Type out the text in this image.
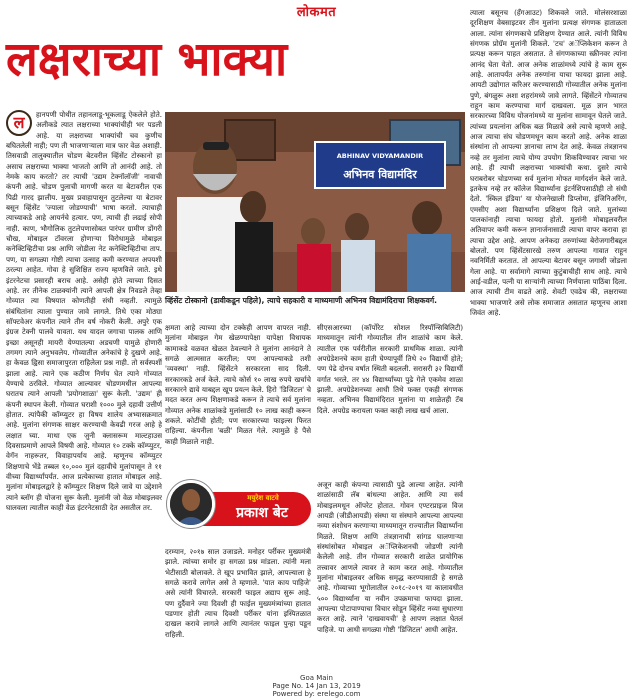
लोकमत
लक्षराच्या भाक्या
ल	हानपणी पोथीत तहानलाडू-भूकलाडू ऐकलेले होते. अलीकडे त्यात लक्षराच्या भाक्यांचीही भर पडली आहे. या लक्षराच्या भाक्यांची चव कुणीच बघितलेली नाही; पण ती भाजणाऱ्याला मात्र फार वेळ अशाही. तिसवाडी तालुक्यातील चोडण बेटवरील व्हिंसेंट टोस्कानो हा असाच लक्षराच्या भाक्या भाजतो आणि तो आनंदी आहे. तो नेमके काय करतो? तर त्याची 'उद्यम टेक्नॉलॉजी' नावाची कंपनी आहे. चोडण पुलाची मागणी करत या बेटावरील एक पिढी गारद झालीय. मुख्य प्रवाहापासून तुटलेल्या या बेटावर बसून व्हिंसेंट 'ज्याला जोडण्याची' भाषा करतो. त्याचाही त्याच्याकडे आहे आयर्नचे हत्यार. पण, त्याची ही लढाई सोपी नाही. काण, भौगोलिक तुटलेपणासोबत पारंपर ग्रामीण डोंगरी चौख, मोबाइल टॉवरला होणाऱ्या विरोधामुळे मोबाइल कनेक्टिव्हिटीचा प्रश्न आणि जोडीला नेट कनेक्टिव्हिटीचा ताप. पण, या सगळ्या गोष्टी त्याचा उत्साह कमी करण्यात अपयशी ठरल्या आहेत. गोवा हे सुशिक्षित राज्य म्हणविले जाते. इथे इंटरनेटचा प्रसारही बराच आहे. असेही होते त्याच्या दिसत आहे. तर तीनेक टाळक्यांनी त्याने आपली क्षेत्र निवडले तेव्हा गोव्यात त्या विषयात कोणतीही संधी नव्हती. त्यामुळे संबंधितांना त्याला पुण्यात जावे लागले. तिथे एका मोठ्या सॉफ्टवेअर कंपनीत त्याने तीन वर्ष नोकरी केली. अपुरे एक इंग्रज टेक्नी पालवे यावता. यथ यादल जगाचा पालक आणि इच्छा असूनही मायरी येण्यातल्या अडचणी यामुळे होणारी तगमग त्याने अनुभवलेय. गोव्यातील अनेकांचे हे दुखणे आहे. हा केवळ ह्विसा समाजापुरता राहिलेला प्रश्न नाही. तो सर्वस्पर्शी झाला आहे. त्याने एक कठीण निर्णय घेत त्याने गोव्यात येण्याचे ठरविले. गोव्यात आल्यावर चोडणमधील आपल्या घरातच त्याने आपली 'प्रयोगशाळा' सुरू केली. 'उद्यम' ही कंपनी स्थापन केली. गोव्यात घराशी १००० मुले दहावी उत्तीर्ण होतात. त्यांपैकी कॉम्प्युटर हा विषय शालेय अभ्यासक्रमात आहे. मुलांना संगणक साक्षर करण्याची केवढी गरज आहे हे लक्षात घ्या. माथा एक जुनी क्लासरूम माल्टहाउस दिवसाप्रमाणे आपले विषयी आहे. गोव्यात १० टक्के कॉम्प्युटर, वेगॅन नाहरूतर, विवाहापर्याय आहे. म्हणूनच कॉम्प्युटर शिक्षणाचे भेंडे तब्बल १०,००० मुलं दहावीचे मुलांपासून ते ११ वीच्या विद्यार्थ्यांपर्यंत. आज प्रत्येकाच्या हातात मोबाइल आहे. मुलांना मोबाइलद्वारे हे कॉम्प्युटर शिक्षण दिले जावे या उद्देशाने त्याने ब्लॉग ही योजना सुरू केली. मुलांनी जो वेळ मोबाइलवर घालवला त्यातील काही वेळ इंटरनेटसाठी देत असतील तर.

ABHINAV VIDYAMANDIR
अभिनव विद्यामंदिर
व्हिंसेंट टोस्कानो (डावीकडून पहिले), त्याचे सहकारी व माध्यमाणी अभिनव विद्यामंदिराचा शिक्षकवर्ग.

क्षमता आहे त्याच्या दोन टक्केही आपण वापरत नाही. मुलांना मोबाइल गेम खेळण्यापेक्षा यापेक्षा विधायक कामाकडे वळवत खेळत ठेवल्याने ते मुलांना आनंदाने ते सगळे आत्मसात करतील; पण आपल्याकडे तशी 'व्यवस्था' नाही. व्हिंसेंटने सरकारला साद दिली. सरकारकडे अर्ज केले. त्याचे कोर्स १० लाख रुपये खर्चाचे सरकारने द्यावे याबद्दल खूप प्रयत्न केले. हिरो 'डिजिटल' चे मदत करत अन्य शिक्षणाकडे करून ते त्याचे सर्व मुलांना गोव्यात अनेक शाळांकडे मुलांसाठी १० लाख काही करून शकले. कोटींची होती; पण सरकारच्या फाइल्स फिरत राहिल्या. कंपनीला 'बळी' मिळत गेले. त्यामुळे हे पैसे काही मिळाले नाही.

सीएसआरच्या (कॉर्पोरेट सोशल रिस्पॉन्सिबिलिटी) माध्यमातून त्यांनी गोव्यातील तीन शाळांचे काम केले. त्यातील एक पर्वरीतील सरकारी प्राथमिक शाळा. त्यांनी अपग्रेडेशनचे काम हाती घेण्यापूर्वी तिथे २० विद्यार्थी होते; पण पेढे दोनच वर्षात स्थिती बदलली. सरासरी ३२ विद्यार्थी वर्गात भरले. तर ४४ विद्यार्थ्यांच्या पुढे गेले एकमेव शाळा झाली. अपग्रेडेशनच्या आधी तिथे फक्त एकही संगणक नव्हता. अभिनव विद्यामंदिरात मुलांना या शाळेतही टॅब दिले. अपग्रेड करायला फक्त काही लाख खर्च आला.

मयुरेश वाटवे
प्रकाश बेट

दरम्यान, २०१७ साल उजाडले. मनोहर पर्रीकर मुख्यमंत्री झाले. त्यांच्या समोर हा सगळा प्रश्न मांडला. त्यांनी मला भेटीसाठी बोलावले. ते खूप प्रभावित झाले, आपल्याला हे सगळे करावे लागेल असे ते म्हणाले. 'यात काय पाहिजे' असे त्यांनी विचारले. सरकारी फाइल अद्याप सुरू आहे. पण दुर्दैवाने ज्या दिवशी ही फाईल मुख्यमंत्र्यांच्या हातात पडणार होती त्याच दिवशी पर्रीकर यांना इस्पितळात दाखल करावे लागले आणि त्यानंतर फाइल पुन्हा पडून राहिली.

अजून काही कंपन्या त्यासाठी पुढे आल्या आहेत. त्यांनी शाळांसाठी लॅब बांधल्या आहेत. आणि त्या सर्व मोबाइलमधून ऑपरेट होतात. गोवन एण्टरप्राइज विज आयडी (जीडीआयडी) संस्था या संस्थाने आपल्या आपल्या नव्या संशोधन करणाऱ्या माध्यमातून राज्यातील विद्यार्थ्यांना मिळते. शिक्षण आणि तंत्रज्ञानाची सांगड घालणाऱ्या संस्थांसोबत मोबाइल अॅप्लिकेशनची जोडणी त्यांनी केलेली आहे. तीन गोव्यात सरकारी शाळेत प्रायोगिक तत्त्वावर आणले त्यावर ते काम करत आहे. गोव्यातील मुलांना मोबाइलवर अधिक समृद्ध करण्यासाठी हे सगळे आहे. गोव्याच्या भूगोलातील २०१८-२०१९ या कालावधीत ५०० विद्यार्थ्यांना या नवीन उपक्रमाचा फायदा झाला. आपल्या पोटापाण्याचा विचार सोडून व्हिंसेंट नव्या सुधारणा करत आहे. त्याने 'दाखवायची' हे आपण लक्षात घेतलं पाहिजे. या आधी सगळ्या गोष्टी 'डिजिटल' आधी आहेत.

त्याला बसूनच (हँगआउट) शिकवले जाते. मोलंसरशाळा दूरशिक्षण वेबसाइटवर तीन मुलांना प्रत्यक्ष संगणक हाताळता आला. त्यांना संगणकाचे प्रशिक्षण देण्यात आले. त्यांनी विविध संगणक प्रोग्रॅम मुलांनी शिकले. 'टच' अॅप्लिकेशन करून ते प्रत्यक्ष करून पाहत असतात. ते संगणकाच्या स्क्रीनवर त्यांना आनंद घेता येतो. आज अनेक शाळांमध्ये त्यांचे हे काम सुरू आहे. आतापर्यंत अनेक तरुणांना याचा फायदा झाला आहे. आयटी उद्योगात करिअर करण्यासाठी गोव्यातील अनेक मुलांना पुणे, बंगळुरू अशा शहरांमध्ये जावे लागते. व्हिंसेंटने गोव्यातच राहून काम करण्याचा मार्ग दाखवला. मूळ ज्ञान भारत सरकारच्या विविध योजनांमध्ये या मुलांना सामावून घेतले जाते. त्यांच्या प्रयत्नांना अधिक बळ मिळावे असे त्याचे म्हणणे आहे. आज त्याचा संघ चोडणमधून काम करतो आहे. अनेक शाळा संस्थांना तो आपल्या ज्ञानाचा लाभ देत आहे. केवळ तंत्रज्ञानच नव्हे तर मुलांना त्याचे योग्य उपयोग शिकविण्यावर त्याचा भर आहे. ही त्याची लक्षराच्या भाक्यांची कथा. दुसरे त्याचे घराबरोबर चोडणच्या सर्व मुलांना मोफत मार्गदर्शन केले जाते. इतकेच नव्हे तर कॉलेज विद्यार्थ्यांना इंटर्नशिपसाठीही तो संधी देतो. 'स्किल इंडिया' या योजनेखाली डिप्लोमा, इंजिनिअरिंग, एमसीए अशा विद्यार्थ्यांना प्रशिक्षण दिले जाते. मुलांच्या पालकांनाही त्याचा फायदा होतो. मुलांनी मोबाइलवरील अतिवापर कमी करून ज्ञानार्जनासाठी त्याचा वापर करावा हा त्याचा उद्देश आहे. आपण अनेकदा तरुणांच्या बेरोजगारीबद्दल बोलतो. पण व्हिंसेंटसारखे तरुण आपल्या गावात राहून नवनिर्मिती करतात. तो आपल्या बेटावर बसून जगाशी जोडला गेला आहे. या सर्वामागे त्याच्या कुटुंबाचीही साथ आहे. त्याचे आई-वडील, पत्नी या साऱ्यांनी त्याच्या निर्णयाला पाठिंबा दिला. आज त्याची टीम वाढते आहे. शेवटी एवढेच की, लक्षराच्या भाक्या भाजणारे असे लोक समाजात असतात म्हणूनच आशा जिवंत आहे.

Goa Main
Page No. 14 Jan 13, 2019
Powered by: erelego.com
